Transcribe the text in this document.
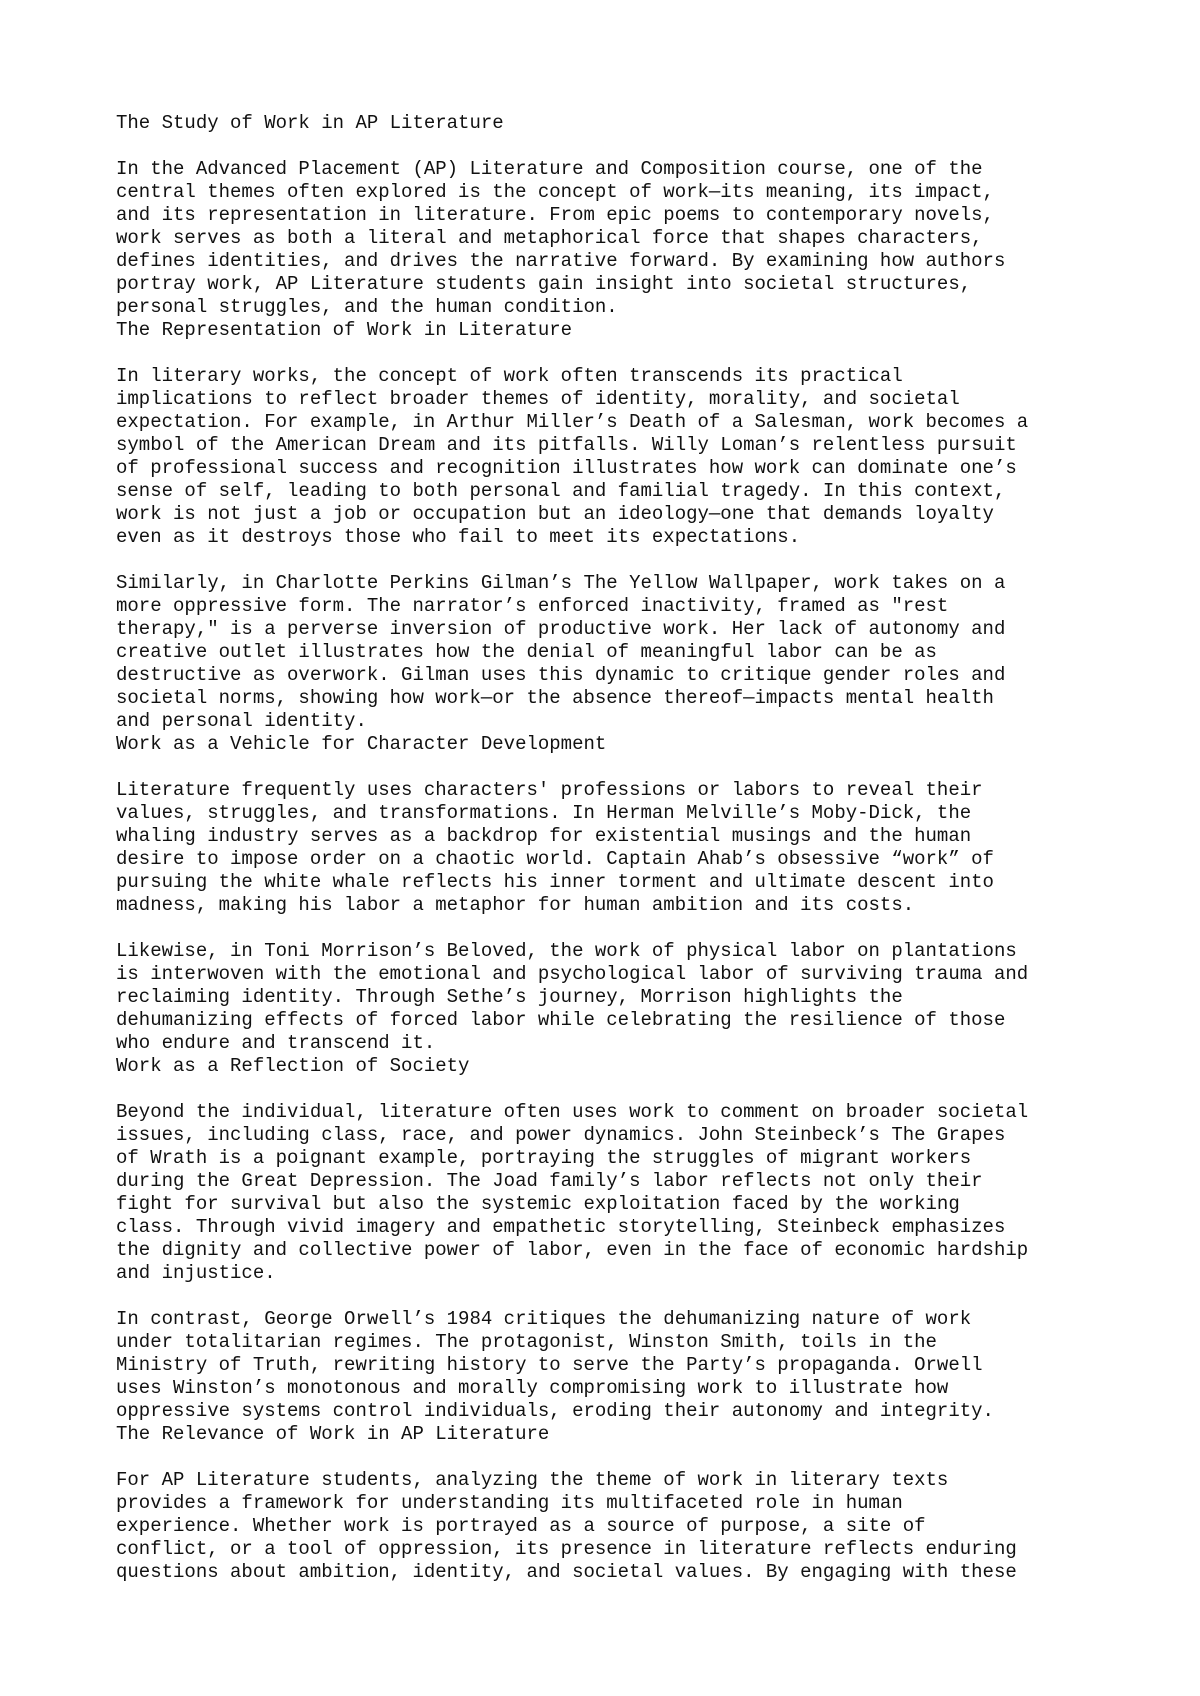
The Study of Work in AP Literature
In the Advanced Placement (AP) Literature and Composition course, one of the
central themes often explored is the concept of work—its meaning, its impact,
and its representation in literature. From epic poems to contemporary novels,
work serves as both a literal and metaphorical force that shapes characters,
defines identities, and drives the narrative forward. By examining how authors
portray work, AP Literature students gain insight into societal structures,
personal struggles, and the human condition.
The Representation of Work in Literature
In literary works, the concept of work often transcends its practical
implications to reflect broader themes of identity, morality, and societal
expectation. For example, in Arthur Miller’s Death of a Salesman, work becomes a
symbol of the American Dream and its pitfalls. Willy Loman’s relentless pursuit
of professional success and recognition illustrates how work can dominate one’s
sense of self, leading to both personal and familial tragedy. In this context,
work is not just a job or occupation but an ideology—one that demands loyalty
even as it destroys those who fail to meet its expectations.
Similarly, in Charlotte Perkins Gilman’s The Yellow Wallpaper, work takes on a
more oppressive form. The narrator’s enforced inactivity, framed as "rest
therapy," is a perverse inversion of productive work. Her lack of autonomy and
creative outlet illustrates how the denial of meaningful labor can be as
destructive as overwork. Gilman uses this dynamic to critique gender roles and
societal norms, showing how work—or the absence thereof—impacts mental health
and personal identity.
Work as a Vehicle for Character Development
Literature frequently uses characters' professions or labors to reveal their
values, struggles, and transformations. In Herman Melville’s Moby-Dick, the
whaling industry serves as a backdrop for existential musings and the human
desire to impose order on a chaotic world. Captain Ahab’s obsessive “work” of
pursuing the white whale reflects his inner torment and ultimate descent into
madness, making his labor a metaphor for human ambition and its costs.
Likewise, in Toni Morrison’s Beloved, the work of physical labor on plantations
is interwoven with the emotional and psychological labor of surviving trauma and
reclaiming identity. Through Sethe’s journey, Morrison highlights the
dehumanizing effects of forced labor while celebrating the resilience of those
who endure and transcend it.
Work as a Reflection of Society
Beyond the individual, literature often uses work to comment on broader societal
issues, including class, race, and power dynamics. John Steinbeck’s The Grapes
of Wrath is a poignant example, portraying the struggles of migrant workers
during the Great Depression. The Joad family’s labor reflects not only their
fight for survival but also the systemic exploitation faced by the working
class. Through vivid imagery and empathetic storytelling, Steinbeck emphasizes
the dignity and collective power of labor, even in the face of economic hardship
and injustice.
In contrast, George Orwell’s 1984 critiques the dehumanizing nature of work
under totalitarian regimes. The protagonist, Winston Smith, toils in the
Ministry of Truth, rewriting history to serve the Party’s propaganda. Orwell
uses Winston’s monotonous and morally compromising work to illustrate how
oppressive systems control individuals, eroding their autonomy and integrity.
The Relevance of Work in AP Literature
For AP Literature students, analyzing the theme of work in literary texts
provides a framework for understanding its multifaceted role in human
experience. Whether work is portrayed as a source of purpose, a site of
conflict, or a tool of oppression, its presence in literature reflects enduring
questions about ambition, identity, and societal values. By engaging with these
